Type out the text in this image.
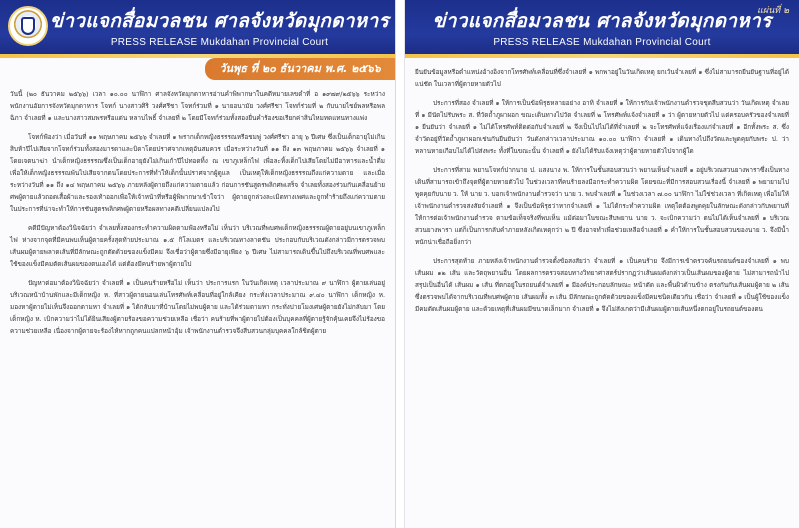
ศาลจังหวัดมุกดาหาร
ข่าวแจกสื่อมวลชน ศาลจังหวัดมุกดาหาร
PRESS RELEASE Mukdahan Provincial Court
วันพุธ ที่ ๒๐ ธันวาคม พ.ศ. ๒๕๖๖

วันนี้ (๒๐ ธันวาคม ๒๕๖๖) เวลา ๑๐.๐๐ นาฬิกา ศาลจังหวัดมุกดาหารอ่านคำพิพากษาในคดีหมายเลขดำที่ อ ๑๙๗๙/๒๕๖๖ ระหว่างพนักงานอัยการจังหวัดมุกดาหาร โจทก์ นางสาวศิริ วงศ์ศรีชา โจทก์ร่วมที่ ๑ นายอนามัย วงศ์ศรีชา โจทก์ร่วมที่ ๒ กับนายไชย์พลหรือพล ฉิภา จำเลยที่ ๑ และนางสาวสมพรหรือแต่น หลาบไพธิ์ จำเลยที่ ๒ โดยมีโจทก์ร่วมทั้งสองยื่นคำร้องขอเรียกค่าสินไหมทดแทนทางแพ่ง

โจทก์ฟ้องว่า เมื่อวันที่ ๑๑ พฤษภาคม ๒๕๖๖ จำเลยที่ ๑ พรากเด็กหญิงธรรรณหรือชมพู่ วงศ์ศรีชา อายุ ๖ ปีเศษ ซึ่งเป็นเด็กอายุไม่เกินสิบห้าปีไปเสียจากโจทก์ร่วมทั้งสองมารดาและบิดาโดยปราศจากเหตุอันสมควร เมื่อระหว่างวันที่ ๑๑ ถึง ๑๓ พฤษภาคม ๒๕๖๖ จำเลยที่ ๑ โดยเจตนาฆ่า นำเด็กหญิงธรรรณซึ่งเป็นเด็กอายุยังไม่เกินเก้าปีไปทอดทิ้ง ณ เขาภูเหล็กไฟ เพื่อละทิ้งเด็กไปเสียโดยไม่มีอาหารและน้ำดื่มเพื่อให้เด็กหญิงธรรรณพ้นไปเสียจากตนโดยประการที่ทำให้เด็กนั้นปราศจากผู้ดูแล เป็นเหตุให้เด็กหญิงธรรรณถึงแก่ความตาย และเมื่อระหว่างวันที่ ๑๑ ถึง ๑๔ พฤษภาคม ๒๕๖๖ ภายหลังผู้ตายถึงแก่ความตายแล้ว ก่อนการชันสูตรพลิกศพเสร็จ จำเลยทั้งสองร่วมกันเคลื่อนย้ายศพผู้ตายแล้วถอดเสื้อผ้าและรองเท้าออกเพื่อให้เจ้าหน้าที่หรือผู้พิพากษาเข้าใจว่า ผู้ตายถูกล่วงละเมิดทางเพศและถูกทำร้ายถึงแก่ความตาย ในประการที่น่าจะทำให้การชันสูตรพลิกศพผู้ตายหรือผลทางคดีเปลี่ยนแปลงไป

คดีมีปัญหาต้องวินิจฉัยว่า จำเลยทั้งสองกระทำความผิดตามฟ้องหรือไม่ เห็นว่า บริเวณที่พบศพเด็กหญิงธรรรณผู้ตายอยู่บนเขาภูเหล็กไฟ ห่างจากจุดที่มีคนพบเห็นผู้ตายครั้งสุดท้ายประมาณ ๑.๕ กิโลเมตร และบริเวณทางลาดชัน ประกอบกับบริเวณดังกล่าวมีการตรวจพบเส้นผมผู้ตายพลาดเส้นที่มีลักษณะถูกตัดด้วยของแข็งมีคม จึงเชื่อว่าผู้ตายซึ่งมีอายุเพียง ๖ ปีเศษ ไม่สามารถเดินขึ้นไปถึงบริเวณที่พบศพและใช้ของแข็งมีคมตัดเส้นผมของตนเองได้ แต่ต้องมีคนร้ายพาผู้ตายไป

ปัญหาต่อมาต้องวินิจฉัยว่า จำเลยที่ ๑ เป็นคนร้ายหรือไม่ เห็นว่า ประการแรก ในวันเกิดเหตุ เวลาประมาณ ๙ นาฬิกา ผู้ตายเล่นอยู่บริเวณหน้าบ้านพักและมีเด็กหญิง ห. ที่สาวผู้ตายนอนเล่นโทรศัพท์เคลื่อนที่อยู่ใกล้เคียง กระทั่งเวลาประมาณ ๙.๔๐ นาฬิกา เด็กหญิง ห. มองหาผู้ตายไม่เห็นจึงออกตามหา จำเลยที่ ๑ ได้กลับมาที่บ้านโดยไม่พบผู้ตาย และได้ร่วมตามหา กระทั่งบ่ายโมงเศษผู้ตายยังไม่กลับมา โดยเด็กหญิง ห. เบิกความว่าไม่ได้ยินเสียงผู้ตายร้องขอความช่วยเหลือ เชื่อว่า คนร้ายที่พาผู้ตายไปต้องเป็นบุคคลที่ผู้ตายรู้จักคุ้นเคยจึงไม่ร้องขอความช่วยเหลือ เนื่องจากผู้ตายจะร้องไห้หากถูกคนแปลกหน้าอุ้ม เจ้าพนักงานตำรวจจึงสืบสวนกลุ่มบุคคลใกล้ชิดผู้ตาย

แผ่นที่ ๒
ข่าวแจกสื่อมวลชน ศาลจังหวัดมุกดาหาร
PRESS RELEASE Mukdahan Provincial Court

ยืนยันข้อมูลหรือตำแหน่งอ้างอิงจากโทรศัพท์เคลื่อนที่ซึ่งจำเลยที่ ๑ พกพาอยู่ในวันเกิดเหตุ ยกเว้นจำเลยที่ ๑ ซึ่งไม่สามารถยืนยันฐานที่อยู่ได้แน่ชัด ในเวลาที่ผู้ตายหายตัวไป

ประการที่สอง จำเลยที่ ๑ ให้การเป็นข้อพิรุธหลายอย่าง อาทิ จำเลยที่ ๑ ให้การกับเจ้าพนักงานตำรวจชุดสืบสวนว่า วันเกิดเหตุ จำเลยที่ ๑ มีนัดไปรับพระ ส. ที่วัดถ้ำภูผาผอก ขณะเดินทางไปวัด จำเลยที่ ๒ โทรศัพท์แจ้งจำเลยที่ ๑ ว่า ผู้ตายหายตัวไป แต่ครอบครัวของจำเลยที่ ๑ ยืนยันว่า จำเลยที่ ๑ ไม่ได้โทรศัพท์ติดต่อกับจำเลยที่ ๒ จึงเป็นไปไม่ได้ที่จำเลยที่ ๒ จะโทรศัพท์แจ้งเรื่องแก่จำเลยที่ ๑ อีกทั้งพระ ส. ซึ่งจำวัดอยู่ที่วัดถ้ำภูผาผอกเช่นกันยืนยันว่า วันดังกล่าวเวลาประมาณ ๑๐.๐๐ นาฬิกา จำเลยที่ ๑ เดินทางไปถึงวัดและพูดคุยกับพระ ป. ว่า หลานหายเกือบไม่ได้ไปส่งพระ ทั้งที่ในขณะนั้น จำเลยที่ ๑ ยังไม่ได้รับแจ้งเหตุว่าผู้ตายหายตัวไปจากผู้ใด

ประการที่สาม พยานโจทก์ปากนาย ป. แสงนาง พ. ให้การในชั้นสอบสวนว่า พยานเห็นจำเลยที่ ๑ อยู่บริเวณสวนยางพาราซึ่งเป็นทางเดินที่สามารถเข้าถึงจุดที่ผู้ตายหายตัวไป ในช่วงเวลาที่คนร้ายลงมือกระทำความผิด โดยขณะที่มีการสอบสวนเรื่องนี้ จำเลยที่ ๑ พยายามไปพูดคุยกับนาย ว. ให้ นาย ว. บอกเจ้าพนักงานตำรวจว่า นาย ว. พบจำเลยที่ ๑ ในช่วงเวลา ๗.๐๐ นาฬิกา ไม่ใช่ช่วงเวลา ที่เกิดเหตุ เพื่อไม่ให้เจ้าพนักงานตำรวจสงสัยจำเลยที่ ๑ จึงเป็นข้อพิรุธว่าหากจำเลยที่ ๑ ไม่ได้กระทำความผิด เหตุใดต้องพูดคุยในลักษณะดังกล่าวกับพยานที่ให้การต่อเจ้าพนักงานตำรวจ ตามข้อเท็จจริงที่พบเห็น แม้ต่อมาในขณะสืบพยาน นาย ว. จะเบิกความว่า ตนไม่ได้เห็นจำเลยที่ ๑ บริเวณสวนยางพารา แต่ก็เป็นการกลับคำภายหลังเกิดเหตุกว่า ๒ ปี ซึ่งอาจทำเพื่อช่วยเหลือจำเลยที่ ๑ คำให้การในชั้นสอบสวนของนาย ว. จึงมีน้ำหนักน่าเชื่อถือยิ่งกว่า

ประการสุดท้าย ภายหลังเจ้าพนักงานตำรวจตั้งข้อสงสัยว่า จำเลยที่ ๑ เป็นคนร้าย จึงมีการเข้าตรวจค้นรถยนต์ของจำเลยที่ ๑ พบเส้นผม ๑๒ เส้น และวัตถุพยานอื่น โดยผลการตรวจสอบทางวิทยาศาสตร์ปรากฏว่าเส้นผมดังกล่าวเป็นเส้นผมของผู้ตาย ไม่สามารถนำไปสรุปเป็นอื่นได้ เส้นผม ๑ เส้น ที่ตกอยู่ในรถยนต์จำเลยที่ ๑ มีองค์ประกอบลักษณะ หน้าตัด และพื้นผิวด้านข้าง ตรงกันกับเส้นผมผู้ตาย ๒ เส้น ซึ่งตรวจพบได้จากบริเวณที่พบศพผู้ตาย เส้นผมทั้ง ๓ เส้น มีลักษณะถูกตัดด้วยของแข็งมีคมชนิดเดียวกัน เชื่อว่า จำเลยที่ ๑ เป็นผู้ใช้ของแข็งมีคมตัดเส้นผมผู้ตาย และด้วยเหตุที่เส้นผมมีขนาดเล็กมาก จำเลยที่ ๑ จึงไม่สังเกตว่ามีเส้นผมผู้ตายเส้นหนึ่งตกอยู่ในรถยนต์ของตน
